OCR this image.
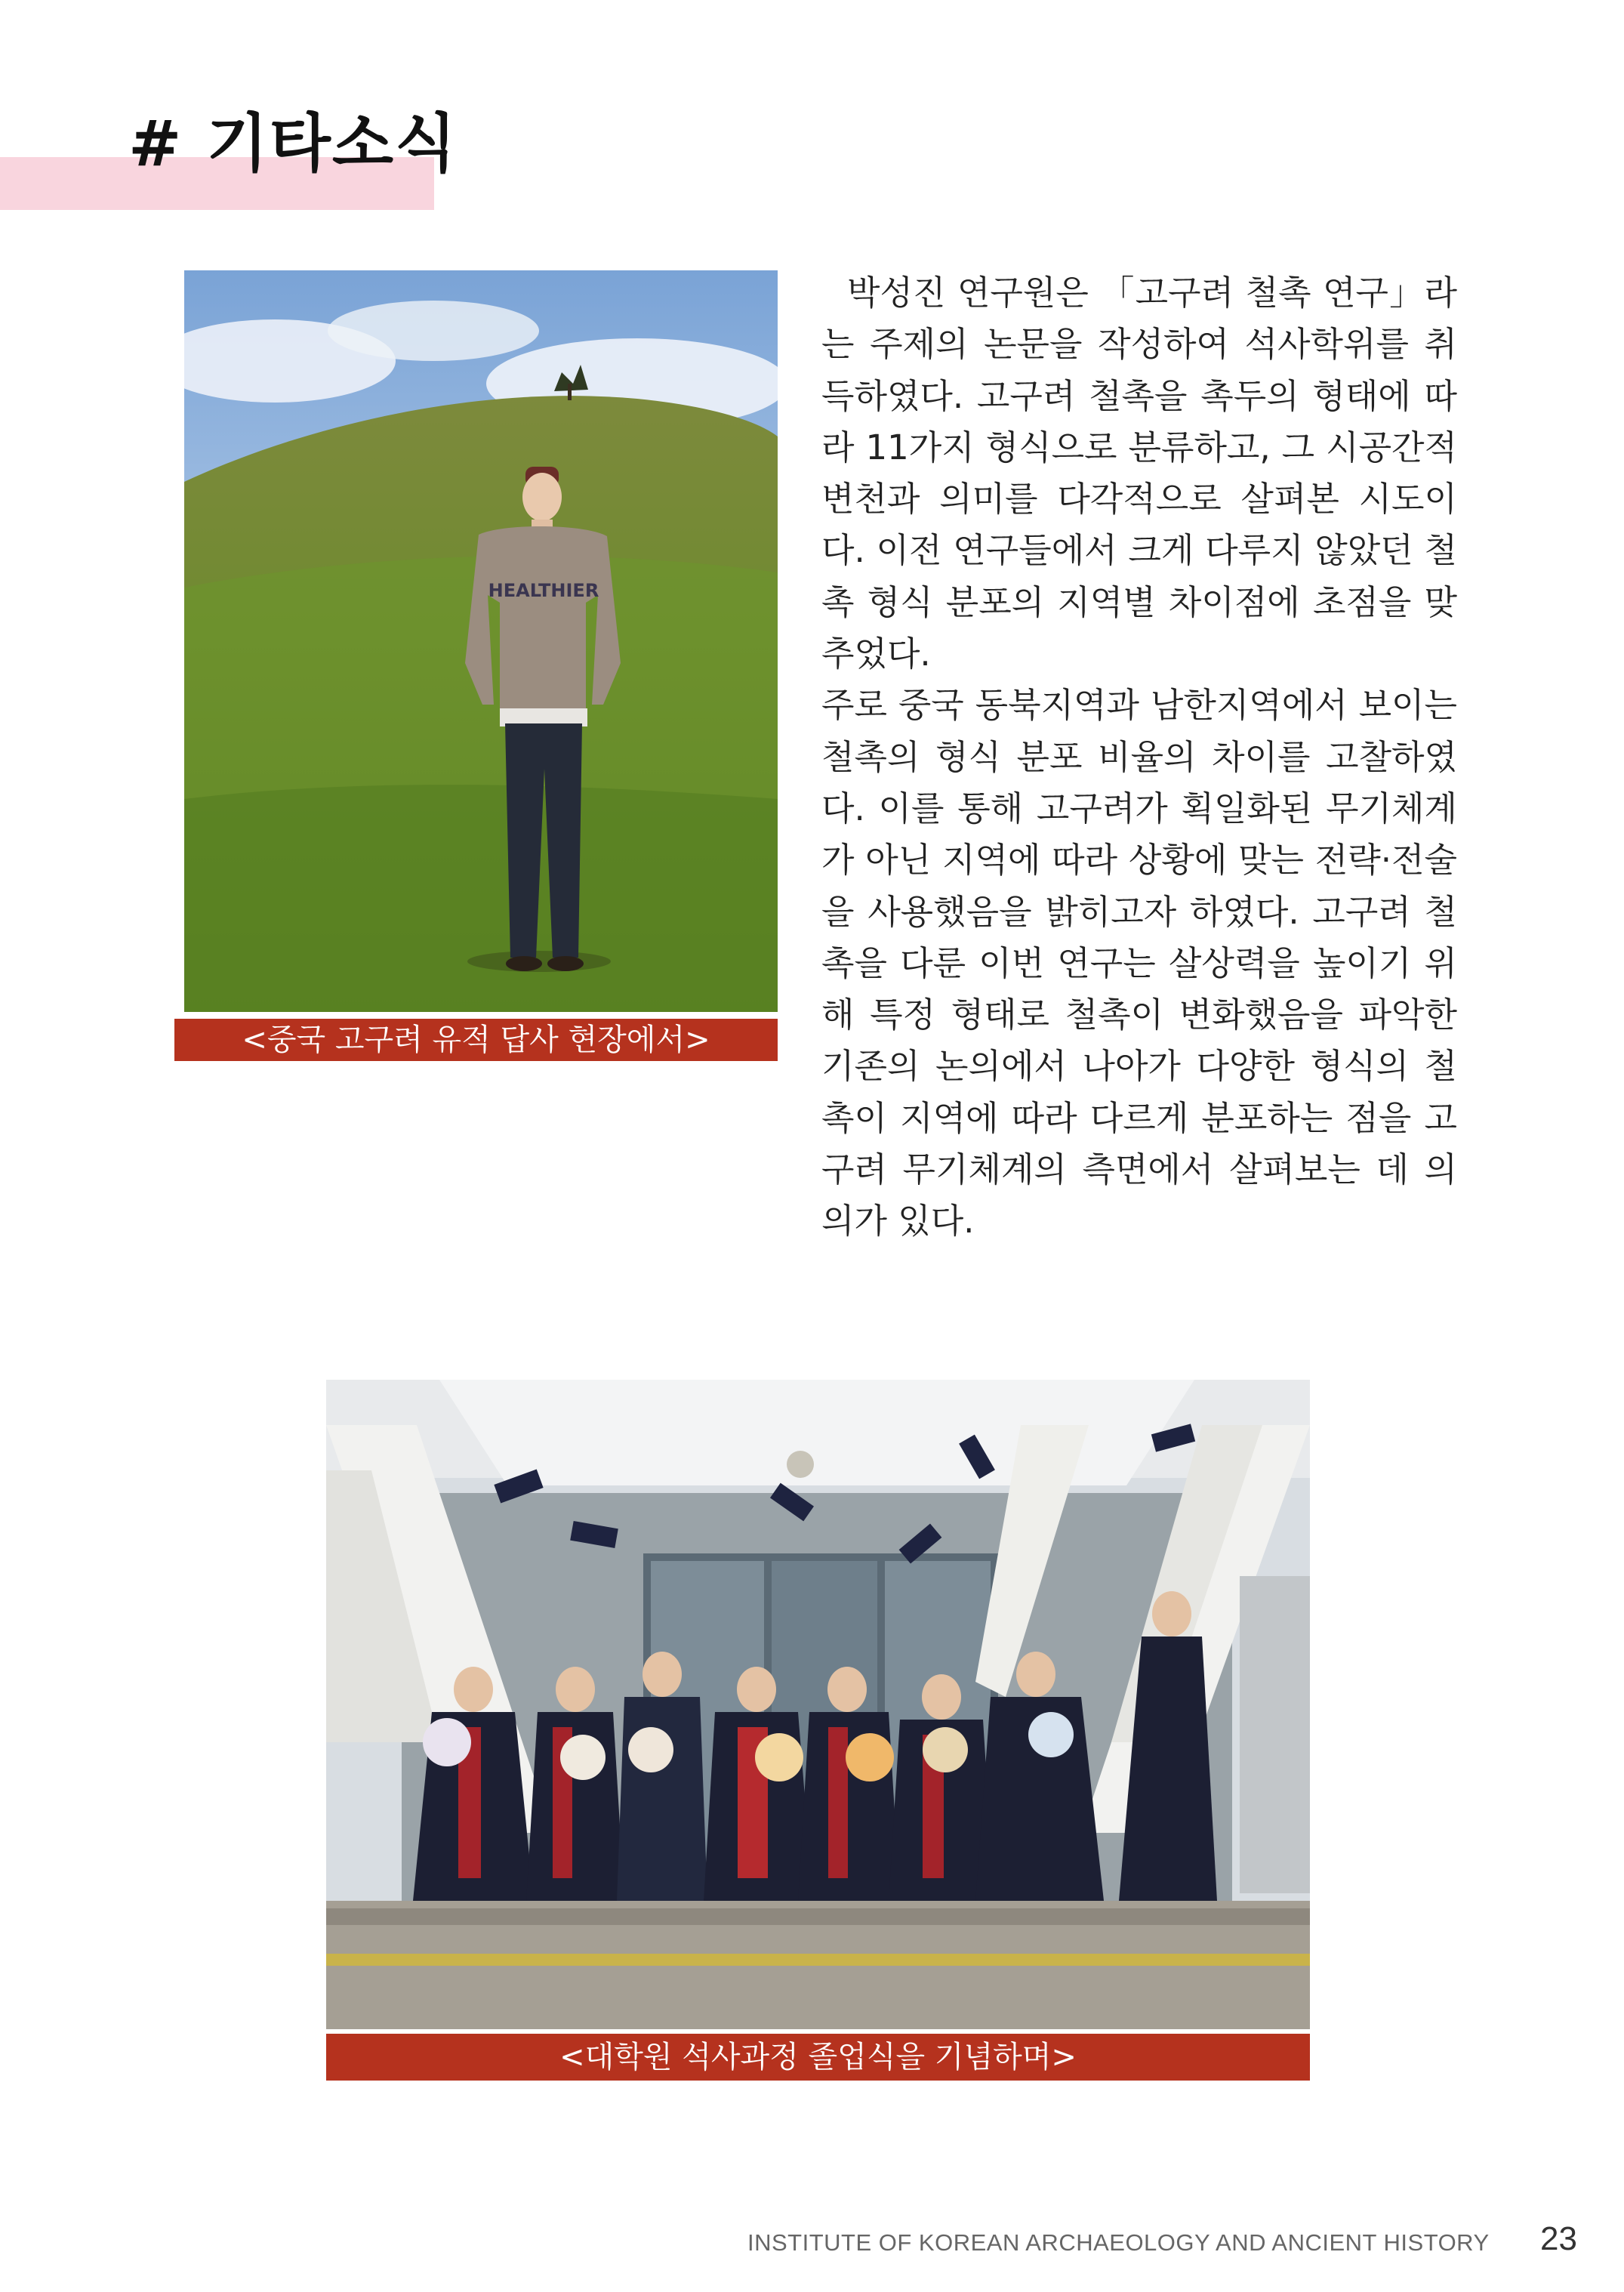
# 기타소식
HEALTHIER
<중국 고구려 유적 답사 현장에서>

박성진 연구원은 「고구려 철촉 연구」라는 주제의 논문을 작성하여 석사학위를 취득하였다. 고구려 철촉을 촉두의 형태에 따라 11가지 형식으로 분류하고, 그 시공간적 변천과 의미를 다각적으로 살펴본 시도이다. 이전 연구들에서 크게 다루지 않았던 철촉 형식 분포의 지역별 차이점에 초점을 맞추었다.

주로 중국 동북지역과 남한지역에서 보이는 철촉의 형식 분포 비율의 차이를 고찰하였다. 이를 통해 고구려가 획일화된 무기체계가 아닌 지역에 따라 상황에 맞는 전략·전술을 사용했음을 밝히고자 하였다. 고구려 철촉을 다룬 이번 연구는 살상력을 높이기 위해 특정 형태로 철촉이 변화했음을 파악한 기존의 논의에서 나아가 다양한 형식의 철촉이 지역에 따라 다르게 분포하는 점을 고구려 무기체계의 측면에서 살펴보는 데 의의가 있다.

<대학원 석사과정 졸업식을 기념하며>
INSTITUTE OF KOREAN ARCHAEOLOGY AND ANCIENT HISTORY 23
